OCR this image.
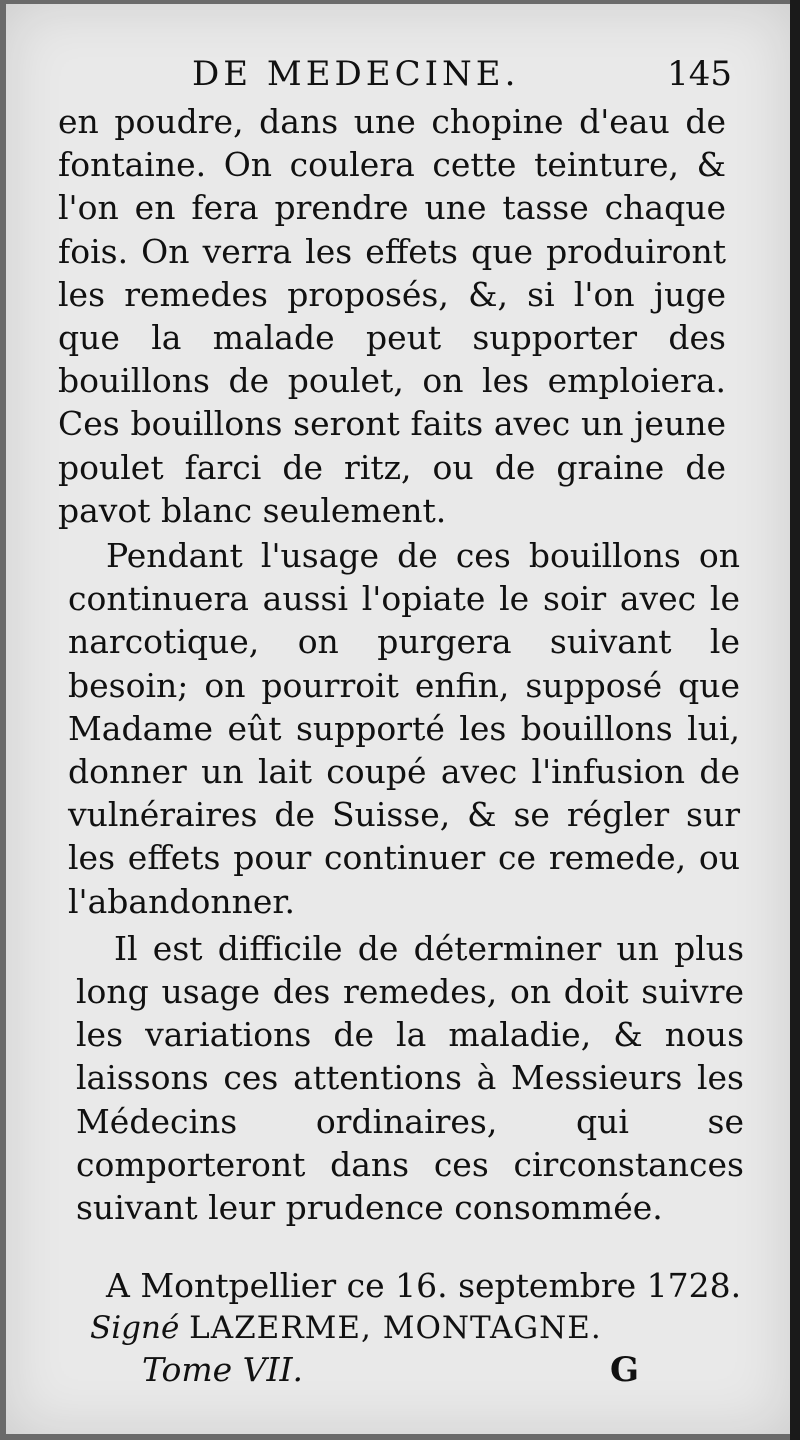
DE MEDECINE.	145

en poudre, dans une chopine d'eau de fontaine. On coulera cette teinture, & l'on en fera prendre une tasse chaque fois. On verra les effets que produiront les remedes proposés, &, si l'on juge que la malade peut supporter des bouillons de poulet, on les emploiera. Ces bouillons seront faits avec un jeune poulet farci de ritz, ou de graine de pavot blanc seulement.

Pendant l'usage de ces bouillons on continuera aussi l'opiate le soir avec le narcotique, on purgera suivant le besoin; on pourroit enfin, supposé que Madame eût supporté les bouillons lui, donner un lait coupé avec l'infusion de vulnéraires de Suisse, & se régler sur les effets pour continuer ce remede, ou l'abandonner.

Il est difficile de déterminer un plus long usage des remedes, on doit suivre les variations de la maladie, & nous laissons ces attentions à Messieurs les Médecins ordinaires, qui se comporteront dans ces circonstances suivant leur prudence consommée.

A Montpellier ce 16. septembre 1728.
Signé LAZERME, MONTAGNE.
Tome VII.	G
